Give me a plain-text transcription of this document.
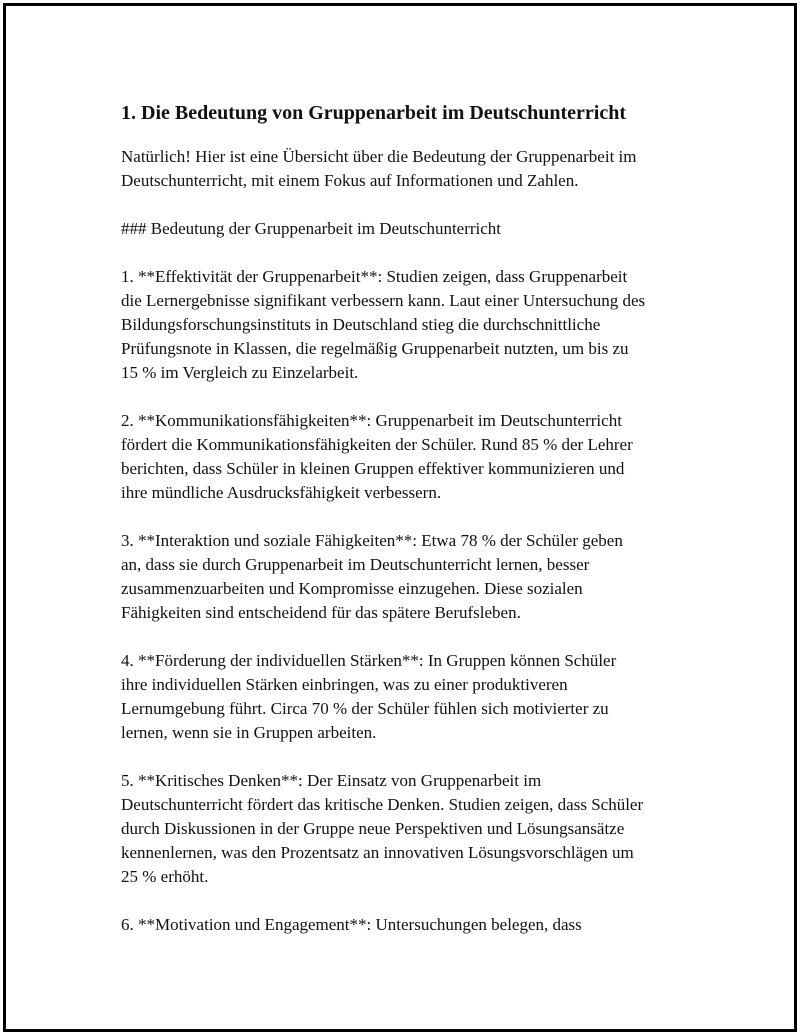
1. Die Bedeutung von Gruppenarbeit im Deutschunterricht

Natürlich! Hier ist eine Übersicht über die Bedeutung der Gruppenarbeit im
Deutschunterricht, mit einem Fokus auf Informationen und Zahlen.

### Bedeutung der Gruppenarbeit im Deutschunterricht

1. **Effektivität der Gruppenarbeit**: Studien zeigen, dass Gruppenarbeit
die Lernergebnisse signifikant verbessern kann. Laut einer Untersuchung des
Bildungsforschungsinstituts in Deutschland stieg die durchschnittliche
Prüfungsnote in Klassen, die regelmäßig Gruppenarbeit nutzten, um bis zu
15 % im Vergleich zu Einzelarbeit.

2. **Kommunikationsfähigkeiten**: Gruppenarbeit im Deutschunterricht
fördert die Kommunikationsfähigkeiten der Schüler. Rund 85 % der Lehrer
berichten, dass Schüler in kleinen Gruppen effektiver kommunizieren und
ihre mündliche Ausdrucksfähigkeit verbessern.

3. **Interaktion und soziale Fähigkeiten**: Etwa 78 % der Schüler geben
an, dass sie durch Gruppenarbeit im Deutschunterricht lernen, besser
zusammenzuarbeiten und Kompromisse einzugehen. Diese sozialen
Fähigkeiten sind entscheidend für das spätere Berufsleben.

4. **Förderung der individuellen Stärken**: In Gruppen können Schüler
ihre individuellen Stärken einbringen, was zu einer produktiveren
Lernumgebung führt. Circa 70 % der Schüler fühlen sich motivierter zu
lernen, wenn sie in Gruppen arbeiten.

5. **Kritisches Denken**: Der Einsatz von Gruppenarbeit im
Deutschunterricht fördert das kritische Denken. Studien zeigen, dass Schüler
durch Diskussionen in der Gruppe neue Perspektiven und Lösungsansätze
kennenlernen, was den Prozentsatz an innovativen Lösungsvorschlägen um
25 % erhöht.

6. **Motivation und Engagement**: Untersuchungen belegen, dass
